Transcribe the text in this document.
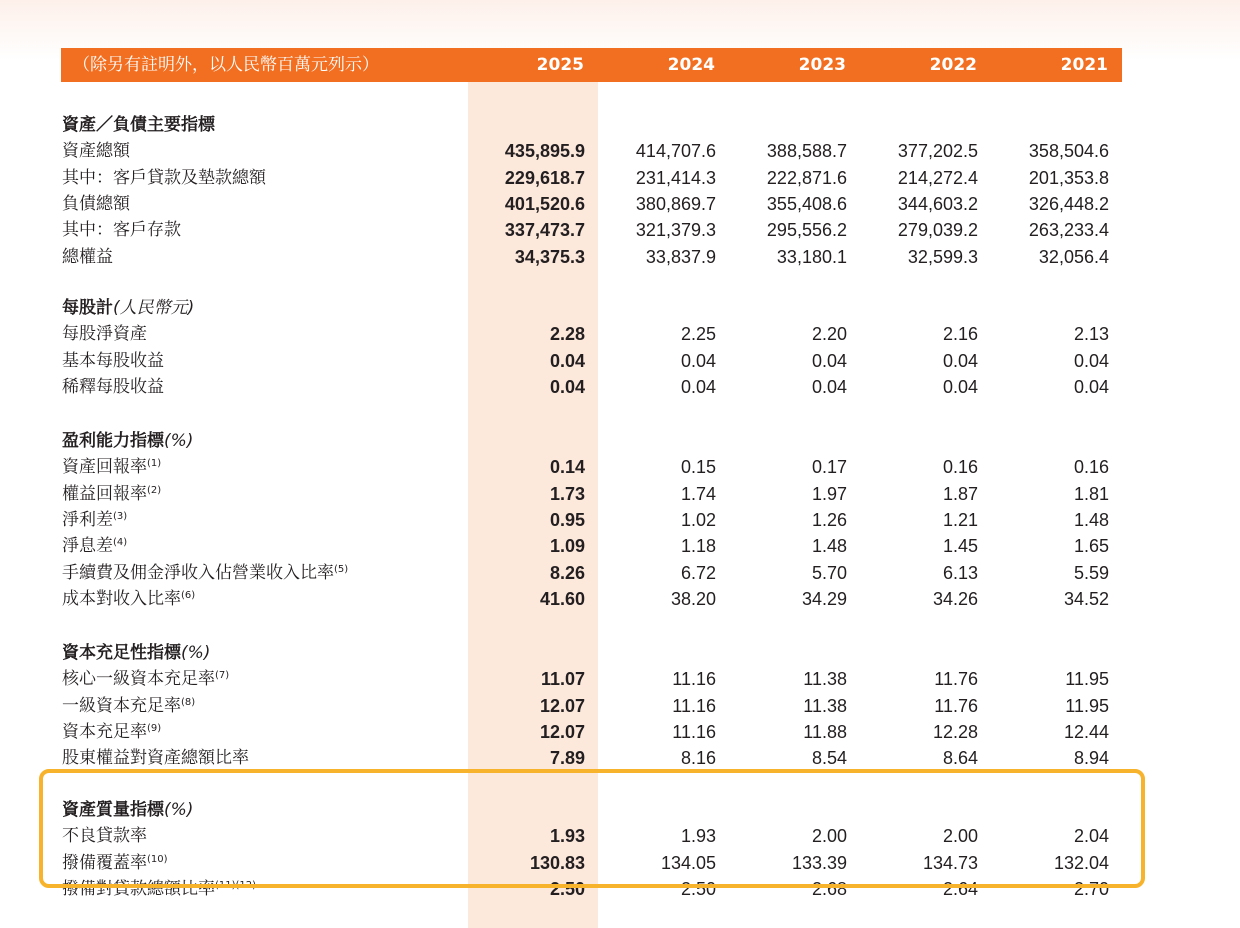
（除另有註明外，以人民幣百萬元列示）	2025	2024	2023	2022	2021
資產／負債主要指標
資產總額	435,895.9	414,707.6	388,588.7	377,202.5	358,504.6
其中：客戶貸款及墊款總額	229,618.7	231,414.3	222,871.6	214,272.4	201,353.8
負債總額	401,520.6	380,869.7	355,408.6	344,603.2	326,448.2
其中：客戶存款	337,473.7	321,379.3	295,556.2	279,039.2	263,233.4
總權益	34,375.3	33,837.9	33,180.1	32,599.3	32,056.4
每股計(人民幣元)
每股淨資產	2.28	2.25	2.20	2.16	2.13
基本每股收益	0.04	0.04	0.04	0.04	0.04
稀釋每股收益	0.04	0.04	0.04	0.04	0.04
盈利能力指標(%)
資產回報率$^{(1)}$	0.14	0.15	0.17	0.16	0.16
權益回報率$^{(2)}$	1.73	1.74	1.97	1.87	1.81
淨利差$^{(3)}$	0.95	1.02	1.26	1.21	1.48
淨息差$^{(4)}$	1.09	1.18	1.48	1.45	1.65
手續費及佣金淨收入佔營業收入比率$^{(5)}$	8.26	6.72	5.70	6.13	5.59
成本對收入比率$^{(6)}$	41.60	38.20	34.29	34.26	34.52
資本充足性指標(%)
核心一級資本充足率$^{(7)}$	11.07	11.16	11.38	11.76	11.95
一級資本充足率$^{(8)}$	12.07	11.16	11.38	11.76	11.95
資本充足率$^{(9)}$	12.07	11.16	11.88	12.28	12.44
股東權益對資產總額比率	7.89	8.16	8.54	8.64	8.94
資產質量指標(%)
不良貸款率	1.93	1.93	2.00	2.00	2.04
撥備覆蓋率$^{(10)}$	130.83	134.05	133.39	134.73	132.04
撥備對貸款總額比率$^{(11)(12)}$	2.50	2.50	2.68	2.64	2.70
